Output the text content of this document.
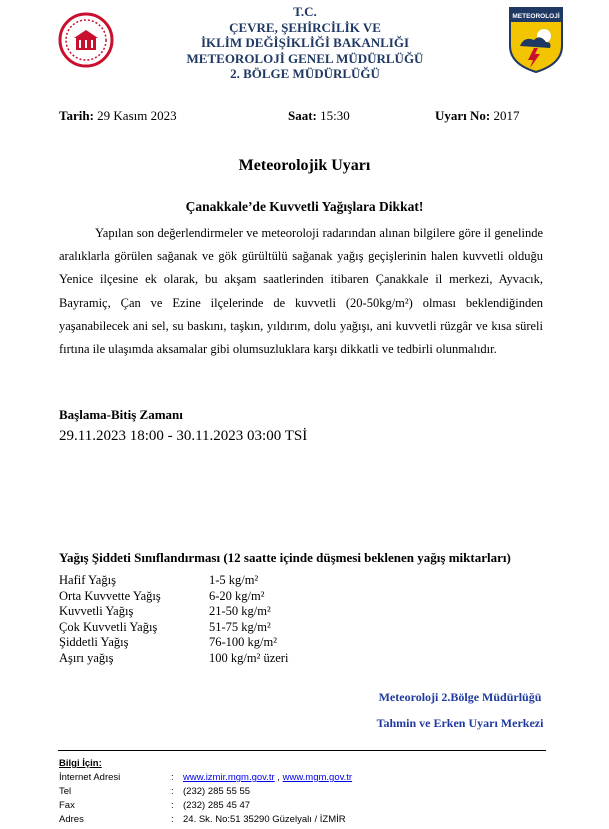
T.C.
ÇEVRE, ŞEHİRCİLİK VE
İKLİM DEĞİŞİKLİĞİ BAKANLIĞI
METEOROLOJİ GENEL MÜDÜRLÜĞÜ
2. BÖLGE MÜDÜRLÜĞÜ
METEOROLOJİ
Tarih: 29 Kasım 2023	Saat: 15:30	Uyarı No: 2017
Meteorolojik Uyarı
Çanakkale’de Kuvvetli Yağışlara Dikkat!
Yapılan son değerlendirmeler ve meteoroloji radarından alınan bilgilere göre il genelinde aralıklarla görülen sağanak ve gök gürültülü sağanak yağış geçişlerinin halen kuvvetli olduğu Yenice ilçesine ek olarak, bu akşam saatlerinden itibaren Çanakkale il merkezi, Ayvacık, Bayramiç, Çan ve Ezine ilçelerinde de kuvvetli (20-50kg/m²) olması beklendiğinden yaşanabilecek ani sel, su baskını, taşkın, yıldırım, dolu yağışı, ani kuvvetli rüzgâr ve kısa süreli fırtına ile ulaşımda aksamalar gibi olumsuzluklara karşı dikkatli ve tedbirli olunmalıdır.
Başlama-Bitiş Zamanı
29.11.2023 18:00 - 30.11.2023 03:00 TSİ
Yağış Şiddeti Sınıflandırması (12 saatte içinde düşmesi beklenen yağış miktarları)
Hafif Yağış	1-5 kg/m²
Orta Kuvvette Yağış	6-20 kg/m²
Kuvvetli Yağış	21-50 kg/m²
Çok Kuvvetli Yağış	51-75 kg/m²
Şiddetli Yağış	76-100 kg/m²
Aşırı yağış	100 kg/m² üzeri
Meteoroloji 2.Bölge Müdürlüğü
Tahmin ve Erken Uyarı Merkezi
Bilgi İçin:
İnternet Adresi	: www.izmir.mgm.gov.tr , www.mgm.gov.tr
Tel	: (232) 285 55 55
Fax	: (232) 285 45 47
Adres	: 24. Sk. No:51 35290 Güzelyalı / İZMİR
